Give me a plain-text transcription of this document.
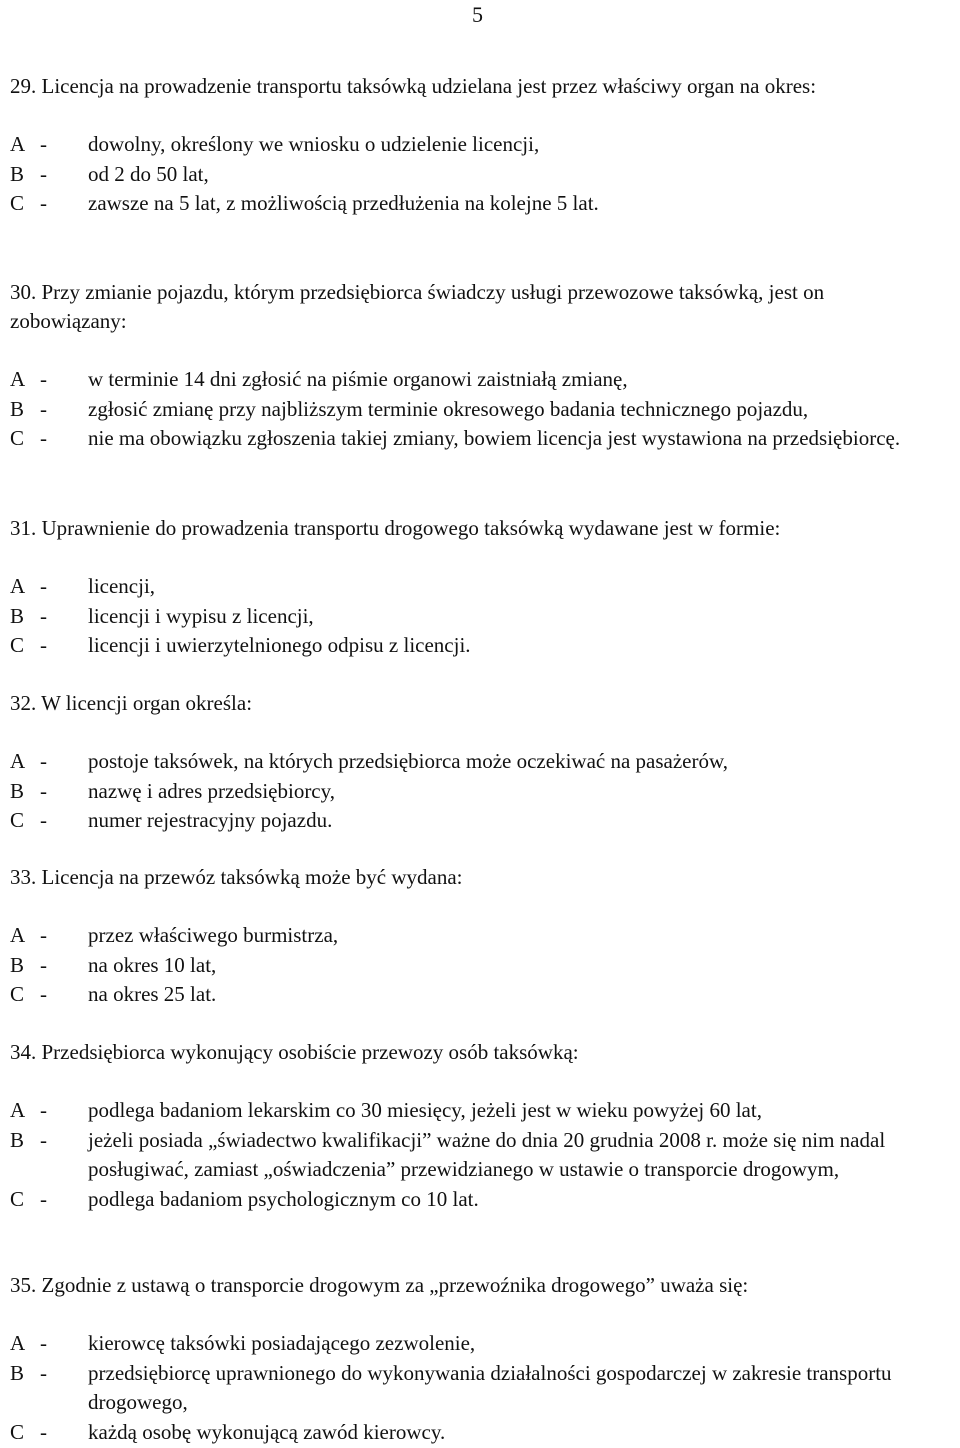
5

29. Licencja na prowadzenie transportu taksówką udzielana jest przez właściwy organ na okres:

A -	dowolny, określony we wniosku o udzielenie licencji,
B -	od 2 do 50 lat,
C -	zawsze na 5 lat, z możliwością przedłużenia na kolejne 5 lat.

30. Przy zmianie pojazdu, którym przedsiębiorca świadczy usługi przewozowe taksówką, jest on zobowiązany:

A -	w terminie 14 dni zgłosić na piśmie organowi zaistniałą zmianę,
B -	zgłosić zmianę przy najbliższym terminie okresowego badania technicznego pojazdu,
C -	nie ma obowiązku zgłoszenia takiej zmiany, bowiem licencja jest wystawiona na przedsiębiorcę.

31. Uprawnienie do prowadzenia transportu drogowego taksówką wydawane jest w formie:

A -	licencji,
B -	licencji i wypisu z licencji,
C -	licencji i uwierzytelnionego odpisu z licencji.

32. W licencji organ określa:

A -	postoje taksówek, na których przedsiębiorca może oczekiwać na pasażerów,
B -	nazwę i adres przedsiębiorcy,
C -	numer rejestracyjny pojazdu.

33. Licencja na przewóz taksówką może być wydana:

A -	przez właściwego burmistrza,
B -	na okres 10 lat,
C -	na okres 25 lat.

34. Przedsiębiorca wykonujący osobiście przewozy osób taksówką:

A -	podlega badaniom lekarskim co 30 miesięcy, jeżeli jest w wieku powyżej 60 lat,
B -	jeżeli posiada „świadectwo kwalifikacji” ważne do dnia 20 grudnia 2008 r. może się nim nadal posługiwać, zamiast „oświadczenia” przewidzianego w ustawie o transporcie drogowym,
C -	podlega badaniom psychologicznym co 10 lat.

35. Zgodnie z ustawą o transporcie drogowym za „przewoźnika drogowego” uważa się:

A -	kierowcę taksówki posiadającego zezwolenie,
B -	przedsiębiorcę uprawnionego do wykonywania działalności gospodarczej w zakresie transportu drogowego,
C -	każdą osobę wykonującą zawód kierowcy.
